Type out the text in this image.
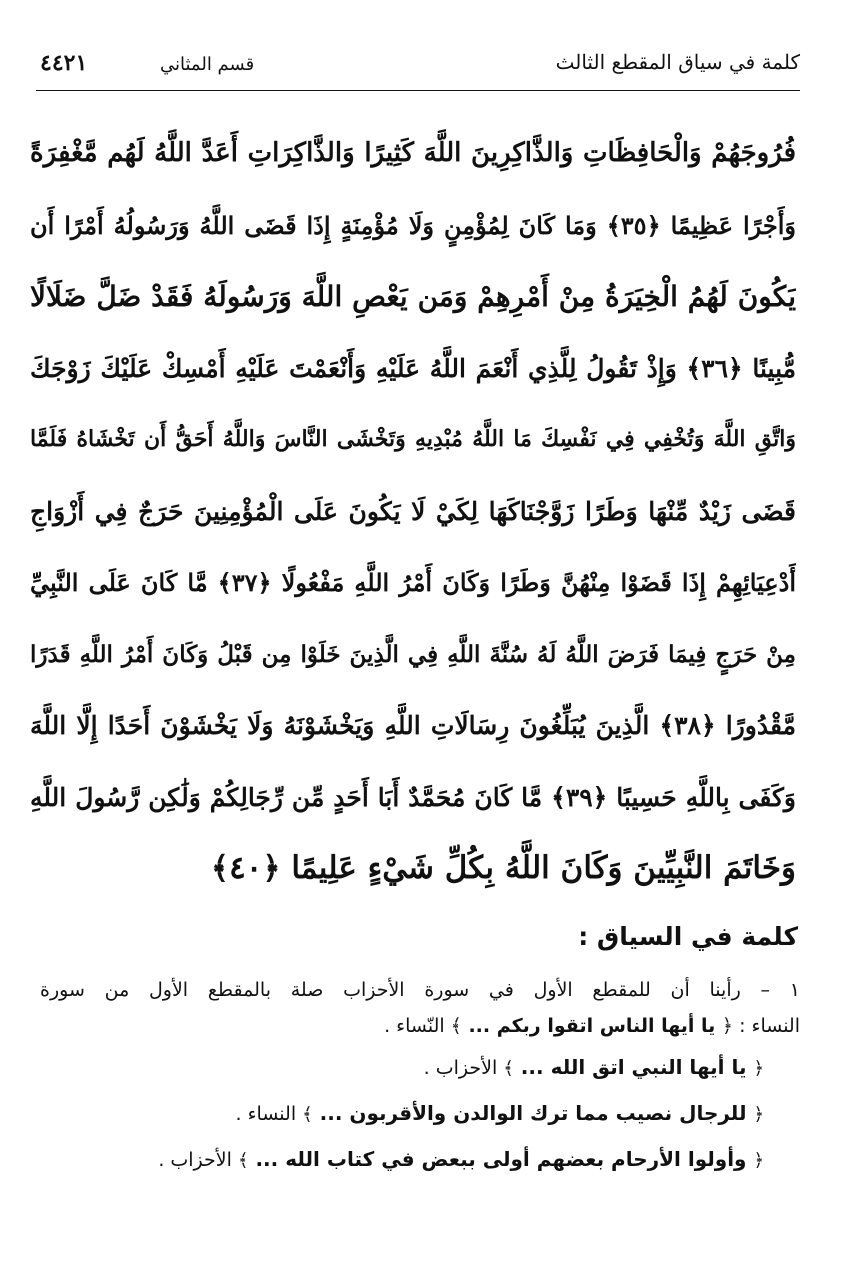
كلمة في سياق المقطع الثالث
قسم المثاني
٤٤٢١
فُرُوجَهُمْ وَالْحَافِظَاتِ وَالذَّاكِرِينَ اللَّهَ كَثِيرًا وَالذَّاكِرَاتِ أَعَدَّ اللَّهُ لَهُم مَّغْفِرَةً
وَأَجْرًا عَظِيمًا ﴿٣٥﴾ وَمَا كَانَ لِمُؤْمِنٍ وَلَا مُؤْمِنَةٍ إِذَا قَضَى اللَّهُ وَرَسُولُهُ أَمْرًا أَن
يَكُونَ لَهُمُ الْخِيَرَةُ مِنْ أَمْرِهِمْ وَمَن يَعْصِ اللَّهَ وَرَسُولَهُ فَقَدْ ضَلَّ ضَلَالًا
مُّبِينًا ﴿٣٦﴾ وَإِذْ تَقُولُ لِلَّذِي أَنْعَمَ اللَّهُ عَلَيْهِ وَأَنْعَمْتَ عَلَيْهِ أَمْسِكْ عَلَيْكَ زَوْجَكَ
وَاتَّقِ اللَّهَ وَتُخْفِي فِي نَفْسِكَ مَا اللَّهُ مُبْدِيهِ وَتَخْشَى النَّاسَ وَاللَّهُ أَحَقُّ أَن تَخْشَاهُ فَلَمَّا
قَضَى زَيْدٌ مِّنْهَا وَطَرًا زَوَّجْنَاكَهَا لِكَيْ لَا يَكُونَ عَلَى الْمُؤْمِنِينَ حَرَجٌ فِي أَزْوَاجِ
أَدْعِيَائِهِمْ إِذَا قَضَوْا مِنْهُنَّ وَطَرًا وَكَانَ أَمْرُ اللَّهِ مَفْعُولًا ﴿٣٧﴾ مَّا كَانَ عَلَى النَّبِيِّ
مِنْ حَرَجٍ فِيمَا فَرَضَ اللَّهُ لَهُ سُنَّةَ اللَّهِ فِي الَّذِينَ خَلَوْا مِن قَبْلُ وَكَانَ أَمْرُ اللَّهِ قَدَرًا
مَّقْدُورًا ﴿٣٨﴾ الَّذِينَ يُبَلِّغُونَ رِسَالَاتِ اللَّهِ وَيَخْشَوْنَهُ وَلَا يَخْشَوْنَ أَحَدًا إِلَّا اللَّهَ
وَكَفَى بِاللَّهِ حَسِيبًا ﴿٣٩﴾ مَّا كَانَ مُحَمَّدٌ أَبَا أَحَدٍ مِّن رِّجَالِكُمْ وَلَٰكِن رَّسُولَ اللَّهِ
وَخَاتَمَ النَّبِيِّينَ وَكَانَ اللَّهُ بِكُلِّ شَيْءٍ عَلِيمًا ﴿٤٠﴾
كلمة في السياق :
١ – رأينا أن للمقطع الأول في سورة الأحزاب صلة بالمقطع الأول من سورة
النساء : ﴿ يا أيها الناس اتقوا ربكم ... ﴾ النّساء .
﴿ يا أيها النبي اتق الله ... ﴾ الأحزاب .
﴿ للرجال نصيب مما ترك الوالدن والأقربون ... ﴾ النساء .
﴿ وأولوا الأرحام بعضهم أولى ببعض في كتاب الله ... ﴾ الأحزاب .
